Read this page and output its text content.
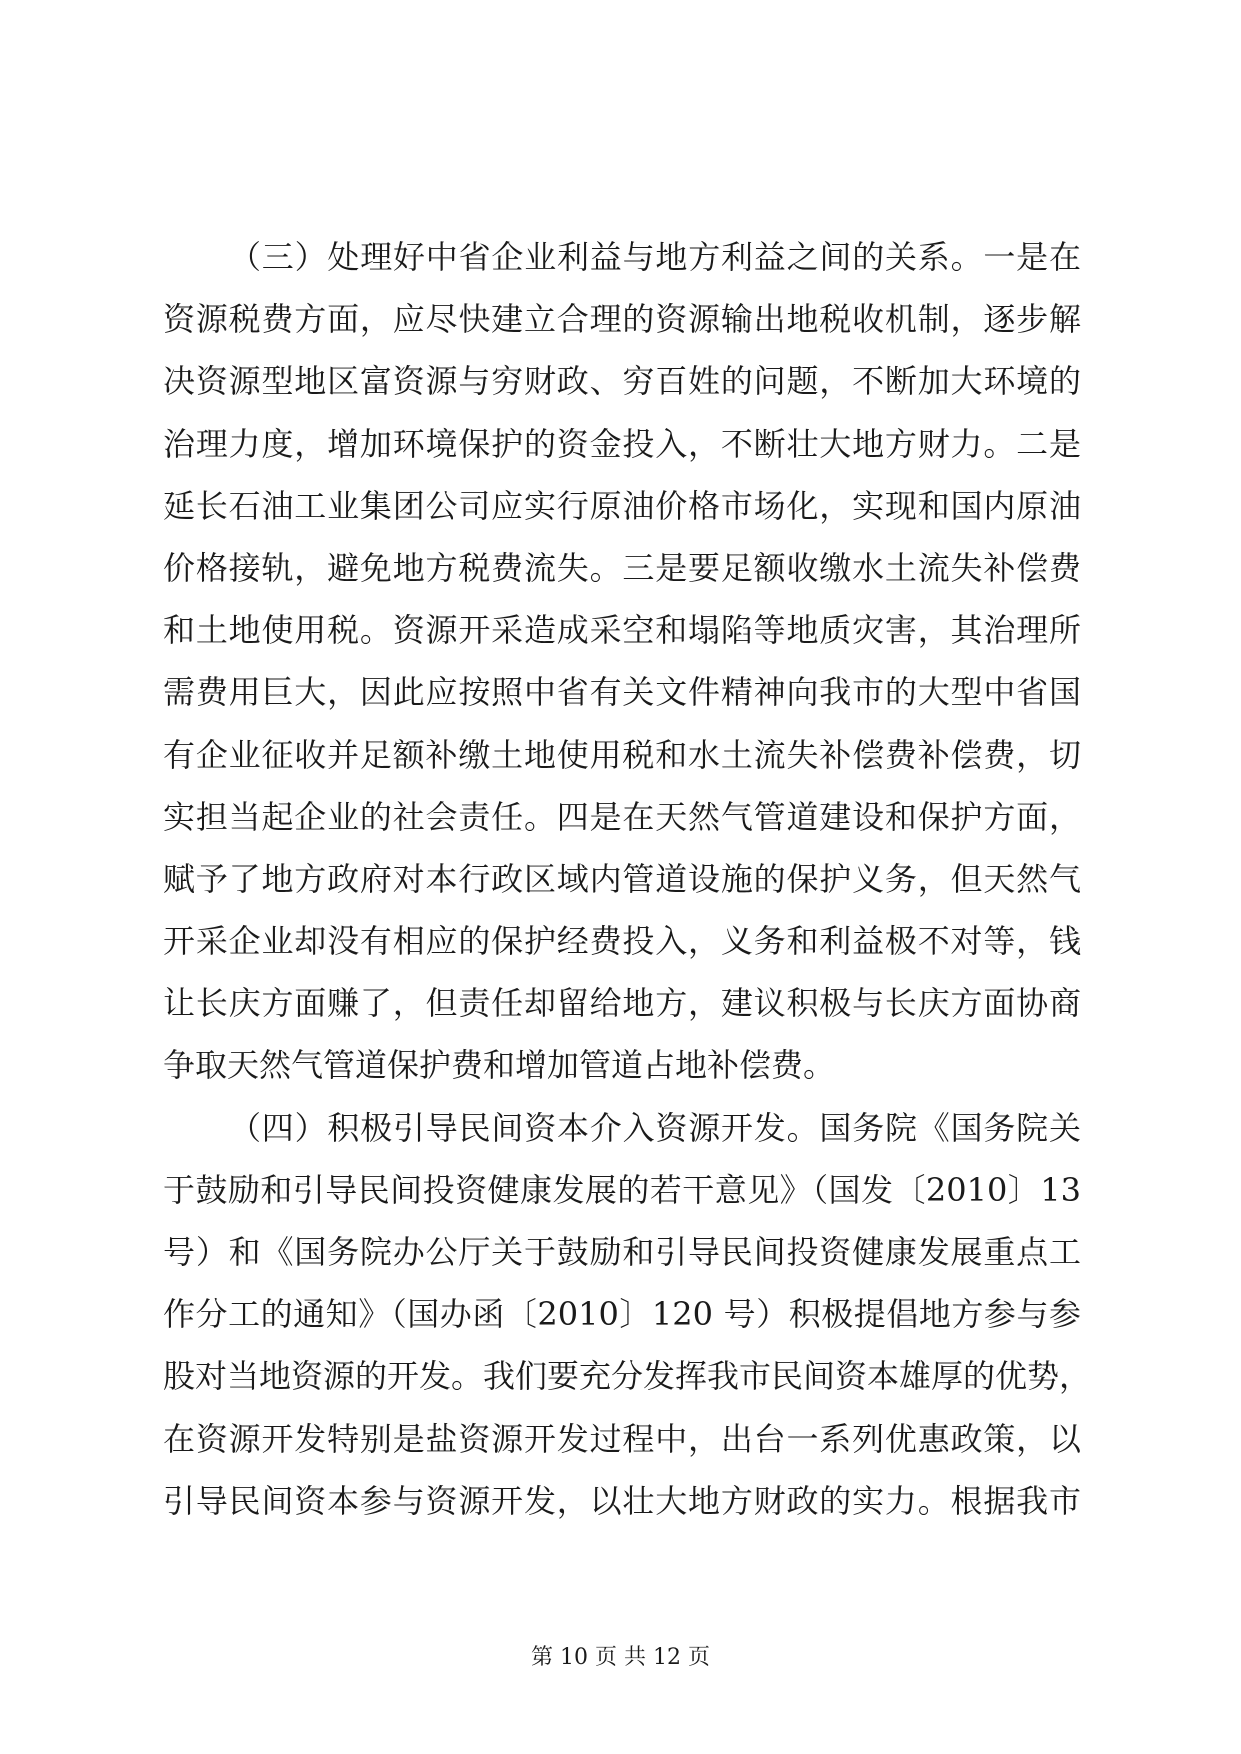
（三）处理好中省企业利益与地方利益之间的关系。一是在
资源税费方面，应尽快建立合理的资源输出地税收机制，逐步解
决资源型地区富资源与穷财政、穷百姓的问题，不断加大环境的
治理力度，增加环境保护的资金投入，不断壮大地方财力。二是
延长石油工业集团公司应实行原油价格市场化，实现和国内原油
价格接轨，避免地方税费流失。三是要足额收缴水土流失补偿费
和土地使用税。资源开采造成采空和塌陷等地质灾害，其治理所
需费用巨大，因此应按照中省有关文件精神向我市的大型中省国
有企业征收并足额补缴土地使用税和水土流失补偿费补偿费，切
实担当起企业的社会责任。四是在天然气管道建设和保护方面，
赋予了地方政府对本行政区域内管道设施的保护义务，但天然气
开采企业却没有相应的保护经费投入，义务和利益极不对等，钱
让长庆方面赚了，但责任却留给地方，建议积极与长庆方面协商
争取天然气管道保护费和增加管道占地补偿费。
（四）积极引导民间资本介入资源开发。国务院《国务院关
于鼓励和引导民间投资健康发展的若干意见》（国发〔2010〕13
号）和《国务院办公厅关于鼓励和引导民间投资健康发展重点工
作分工的通知》（国办函〔2010〕120 号）积极提倡地方参与参
股对当地资源的开发。我们要充分发挥我市民间资本雄厚的优势，
在资源开发特别是盐资源开发过程中，出台一系列优惠政策，以
引导民间资本参与资源开发，以壮大地方财政的实力。根据我市
第 10 页 共 12 页
